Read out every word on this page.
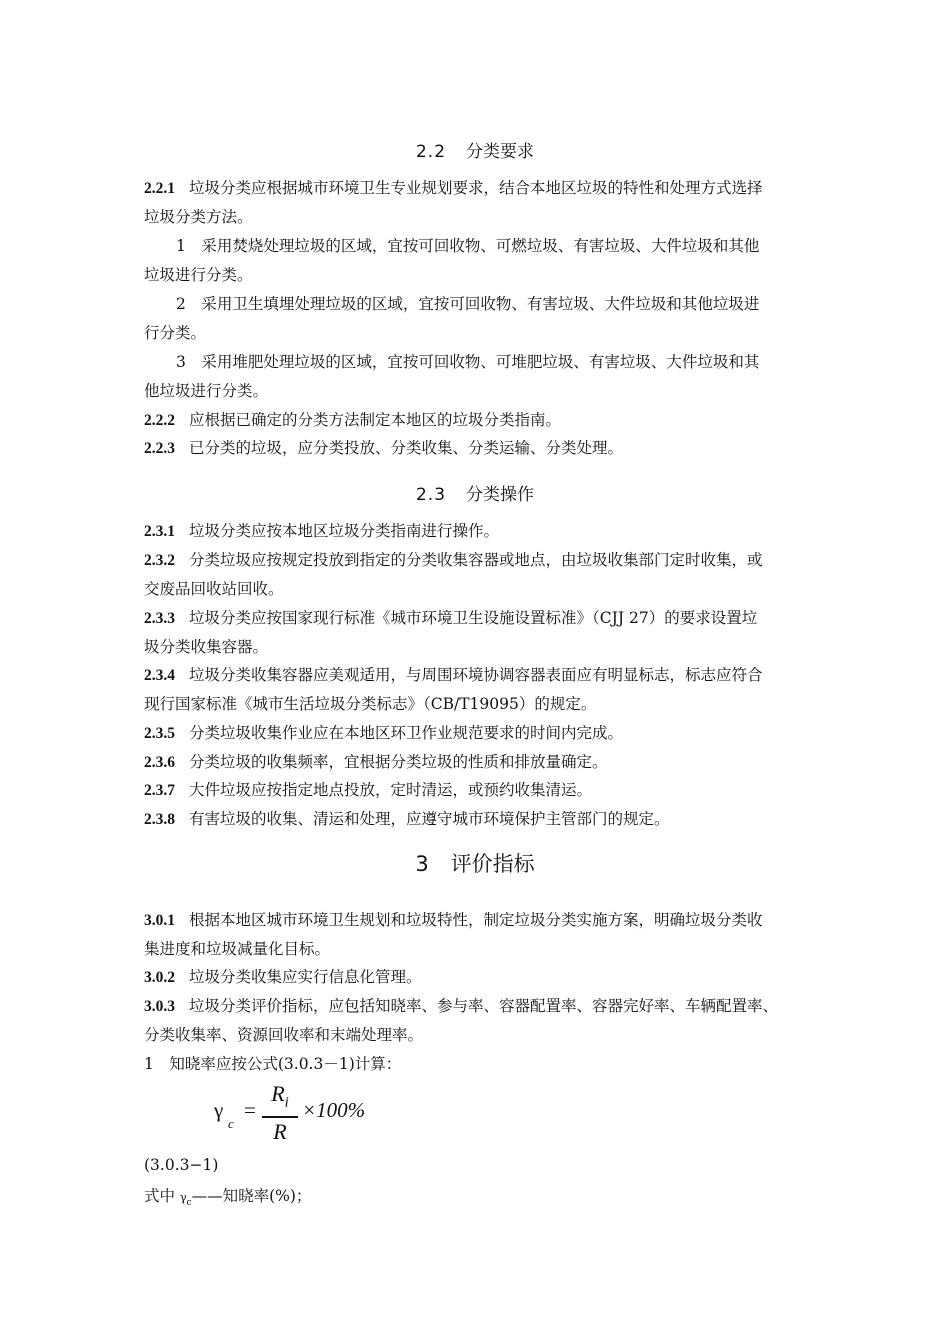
2.2 分类要求
2.2.1 垃圾分类应根据城市环境卫生专业规划要求，结合本地区垃圾的特性和处理方式选择
垃圾分类方法。
1　采用焚烧处理垃圾的区域，宜按可回收物、可燃垃圾、有害垃圾、大件垃圾和其他
垃圾进行分类。
2　采用卫生填埋处理垃圾的区域，宜按可回收物、有害垃圾、大件垃圾和其他垃圾进
行分类。
3　采用堆肥处理垃圾的区域，宜按可回收物、可堆肥垃圾、有害垃圾、大件垃圾和其
他垃圾进行分类。
2.2.2 应根据已确定的分类方法制定本地区的垃圾分类指南。
2.2.3 已分类的垃圾，应分类投放、分类收集、分类运输、分类处理。
2.3 分类操作
2.3.1 垃圾分类应按本地区垃圾分类指南进行操作。
2.3.2 分类垃圾应按规定投放到指定的分类收集容器或地点，由垃圾收集部门定时收集，或
交废品回收站回收。
2.3.3 垃圾分类应按国家现行标准《城市环境卫生设施设置标准》（CJJ 27）的要求设置垃
圾分类收集容器。
2.3.4 垃圾分类收集容器应美观适用，与周围环境协调容器表面应有明显标志，标志应符合
现行国家标准《城市生活垃圾分类标志》（CB/T19095）的规定。
2.3.5 分类垃圾收集作业应在本地区环卫作业规范要求的时间内完成。
2.3.6 分类垃圾的收集频率，宜根据分类垃圾的性质和排放量确定。
2.3.7 大件垃圾应按指定地点投放，定时清运，或预约收集清运。
2.3.8 有害垃圾的收集、清运和处理，应遵守城市环境保护主管部门的规定。
3 评价指标
3.0.1 根据本地区城市环境卫生规划和垃圾特性，制定垃圾分类实施方案，明确垃圾分类收
集进度和垃圾减量化目标。
3.0.2 垃圾分类收集应实行信息化管理。
3.0.3 垃圾分类评价指标，应包括知晓率、参与率、容器配置率、容器完好率、车辆配置率、
分类收集率、资源回收率和末端处理率。
1　知晓率应按公式(3.0.3－1)计算：
γ
c
=
$R_i$
R
×100%
(3.0.3−1)
式中 $\gamma_c——$知晓率(%)；
